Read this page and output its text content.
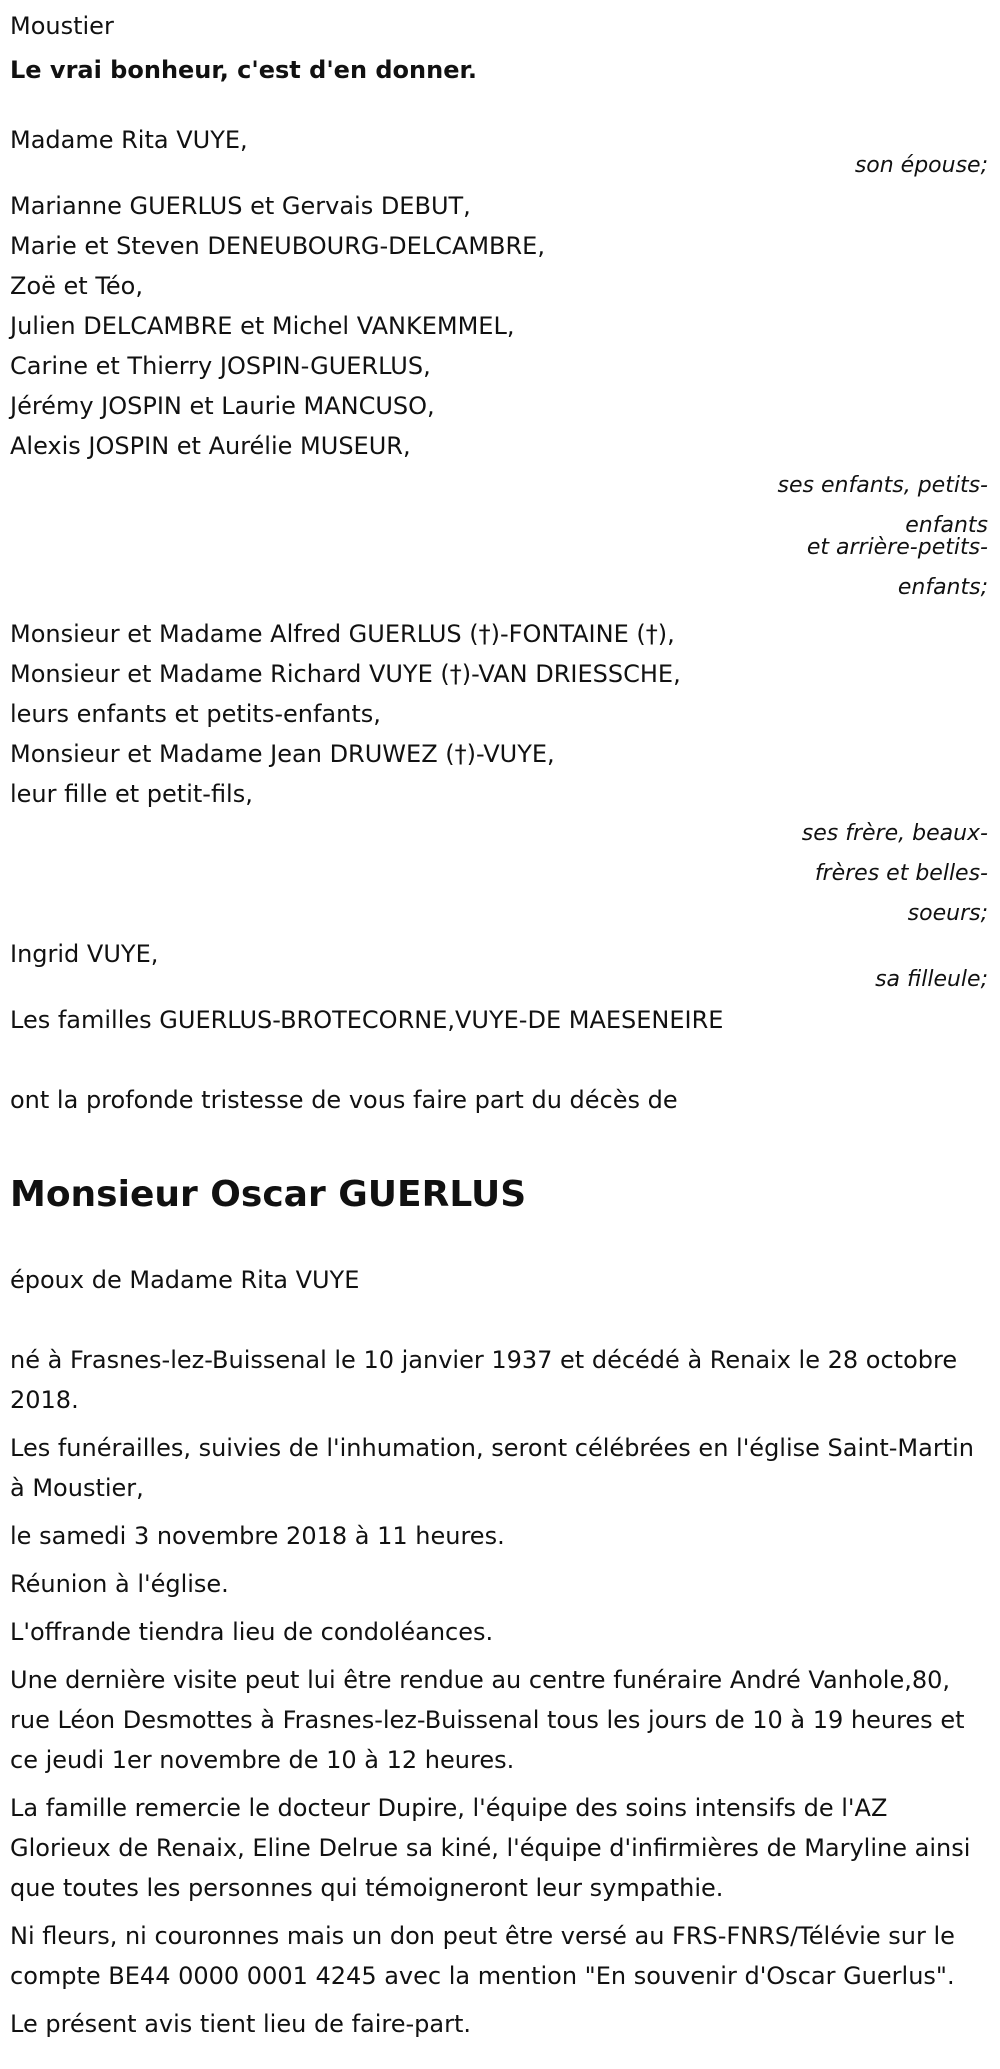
Moustier

Le vrai bonheur, c'est d'en donner.

Madame Rita VUYE,

son épouse;

Marianne GUERLUS et Gervais DEBUT,

Marie et Steven DENEUBOURG-DELCAMBRE,

Zoë et Téo,

Julien DELCAMBRE et Michel VANKEMMEL,

Carine et Thierry JOSPIN-GUERLUS,

Jérémy JOSPIN et Laurie MANCUSO,

Alexis JOSPIN et Aurélie MUSEUR,

ses enfants, petits-enfants

et arrière-petits-enfants;

Monsieur et Madame Alfred GUERLUS (†)-FONTAINE (†),

Monsieur et Madame Richard VUYE (†)-VAN DRIESSCHE,

leurs enfants et petits-enfants,

Monsieur et Madame Jean DRUWEZ (†)-VUYE,

leur fille et petit-fils,

ses frère, beaux-frères et belles-soeurs;

Ingrid VUYE,

sa filleule;

Les familles GUERLUS-BROTECORNE,VUYE-DE MAESENEIRE

ont la profonde tristesse de vous faire part du décès de

Monsieur Oscar GUERLUS

époux de Madame Rita VUYE

né à Frasnes-lez-Buissenal le 10 janvier 1937 et décédé à Renaix le 28 octobre 2018.

Les funérailles, suivies de l'inhumation, seront célébrées en l'église Saint-Martin à Moustier,

le samedi 3 novembre 2018 à 11 heures.

Réunion à l'église.

L'offrande tiendra lieu de condoléances.

Une dernière visite peut lui être rendue au centre funéraire André Vanhole,80, rue Léon Desmottes à Frasnes-lez-Buissenal tous les jours de 10 à 19 heures et ce jeudi 1er novembre de 10 à 12 heures.

La famille remercie le docteur Dupire, l'équipe des soins intensifs de l'AZ Glorieux de Renaix, Eline Delrue sa kiné, l'équipe d'infirmières de Maryline ainsi que toutes les personnes qui témoigneront leur sympathie.

Ni fleurs, ni couronnes mais un don peut être versé au FRS-FNRS/Télévie sur le compte BE44 0000 0001 4245 avec la mention "En souvenir d'Oscar Guerlus".

Le présent avis tient lieu de faire-part.
